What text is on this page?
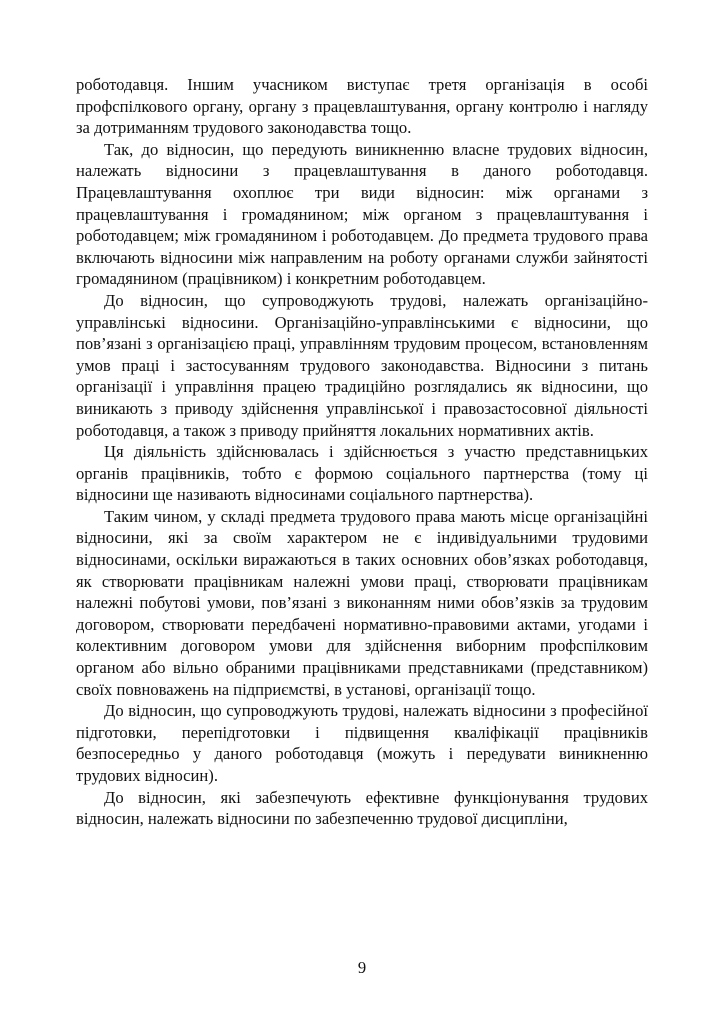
роботодавця. Іншим учасником виступає третя організація в особі профспілкового органу, органу з працевлаштування, органу контролю і нагляду за дотриманням трудового законодавства тощо.

Так, до відносин, що передують виникненню власне трудових відносин, належать відносини з працевлаштування в даного роботодавця. Працевлаштування охоплює три види відносин: між органами з працевлаштування і громадянином; між органом з працевлаштування і роботодавцем; між громадянином і роботодавцем. До предмета трудового права включають відносини між направленим на роботу органами служби зайнятості громадянином (працівником) і конкретним роботодавцем.

До відносин, що супроводжують трудові, належать організаційно-управлінські відносини. Організаційно-управлінськими є відносини, що пов’язані з організацією праці, управлінням трудовим процесом, встановленням умов праці і застосуванням трудового законодавства. Відносини з питань організації і управління працею традиційно розглядались як відносини, що виникають з приводу здійснення управлінської і правозастосовної діяльності роботодавця, а також з приводу прийняття локальних нормативних актів.

Ця діяльність здійснювалась і здійснюється з участю представницьких органів працівників, тобто є формою соціального партнерства (тому ці відносини ще називають відносинами соціального партнерства).

Таким чином, у складі предмета трудового права мають місце організаційні відносини, які за своїм характером не є індивідуальними трудовими відносинами, оскільки виражаються в таких основних обов’язках роботодавця, як створювати працівникам належні умови праці, створювати працівникам належні побутові умови, пов’язані з виконанням ними обов’язків за трудовим договором, створювати передбачені нормативно-правовими актами, угодами і колективним договором умови для здійснення виборним профспілковим органом або вільно обраними працівниками представниками (представником) своїх повноважень на підприємстві, в установі, організації тощо.

До відносин, що супроводжують трудові, належать відносини з професійної підготовки, перепідготовки і підвищення кваліфікації працівників безпосередньо у даного роботодавця (можуть і передувати виникненню трудових відносин).

До відносин, які забезпечують ефективне функціонування трудових відносин, належать відносини по забезпеченню трудової дисципліни,

9
